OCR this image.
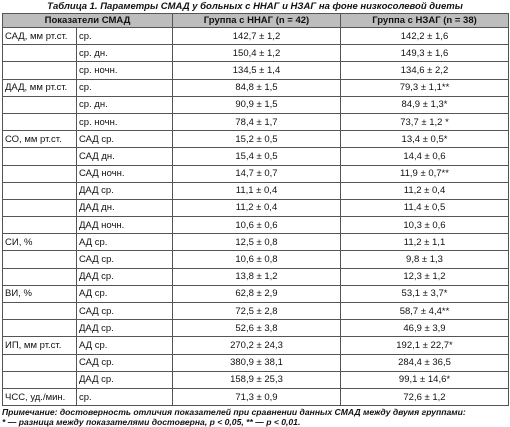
Таблица 1. Параметры СМАД у больных с ННАГ и НЗАГ на фоне низкосолевой диеты
Показатели СМАД		Группа с ННАГ (n = 42)	Группа с НЗАГ (n = 38)
САД, мм рт.ст.	ср.	142,7 ± 1,2	142,2 ± 1,6
	ср. дн.	150,4 ± 1,2	149,3 ± 1,6
	ср. ночн.	134,5 ± 1,4	134,6 ± 2,2
ДАД, мм рт.ст.	ср.	84,8 ± 1,5	79,3 ± 1,1**
	ср. дн.	90,9 ± 1,5	84,9 ± 1,3*
	ср. ночн.	78,4 ± 1,7	73,7 ± 1,2 *
СО, мм рт.ст.	САД ср.	15,2 ± 0,5	13,4 ± 0,5*
	САД дн.	15,4 ± 0,5	14,4 ± 0,6
	САД ночн.	14,7 ± 0,7	11,9 ± 0,7**
	ДАД ср.	11,1 ± 0,4	11,2 ± 0,4
	ДАД дн.	11,2 ± 0,4	11,4 ± 0,5
	ДАД ночн.	10,6 ± 0,6	10,3 ± 0,6
СИ, %	АД ср.	12,5 ± 0,8	11,2 ± 1,1
	САД ср.	10,6 ± 0,8	9,8 ± 1,3
	ДАД ср.	13,8 ± 1,2	12,3 ± 1,2
ВИ, %	АД ср.	62,8 ± 2,9	53,1 ± 3,7*
	САД ср.	72,5 ± 2,8	58,7 ± 4,4**
	ДАД ср.	52,6 ± 3,8	46,9 ± 3,9
ИП, мм рт.ст.	АД ср.	270,2 ± 24,3	192,1 ± 22,7*
	САД ср.	380,9 ± 38,1	284,4 ± 36,5
	ДАД ср.	158,9 ± 25,3	99,1 ± 14,6*
ЧСС, уд./мин.	ср.	71,3 ± 0,9	72,6 ± 1,2
Примечание: достоверность отличия показателей при сравнении данных СМАД между двумя группами:
* — разница между показателями достоверна, р < 0,05, ** — р < 0,01.
